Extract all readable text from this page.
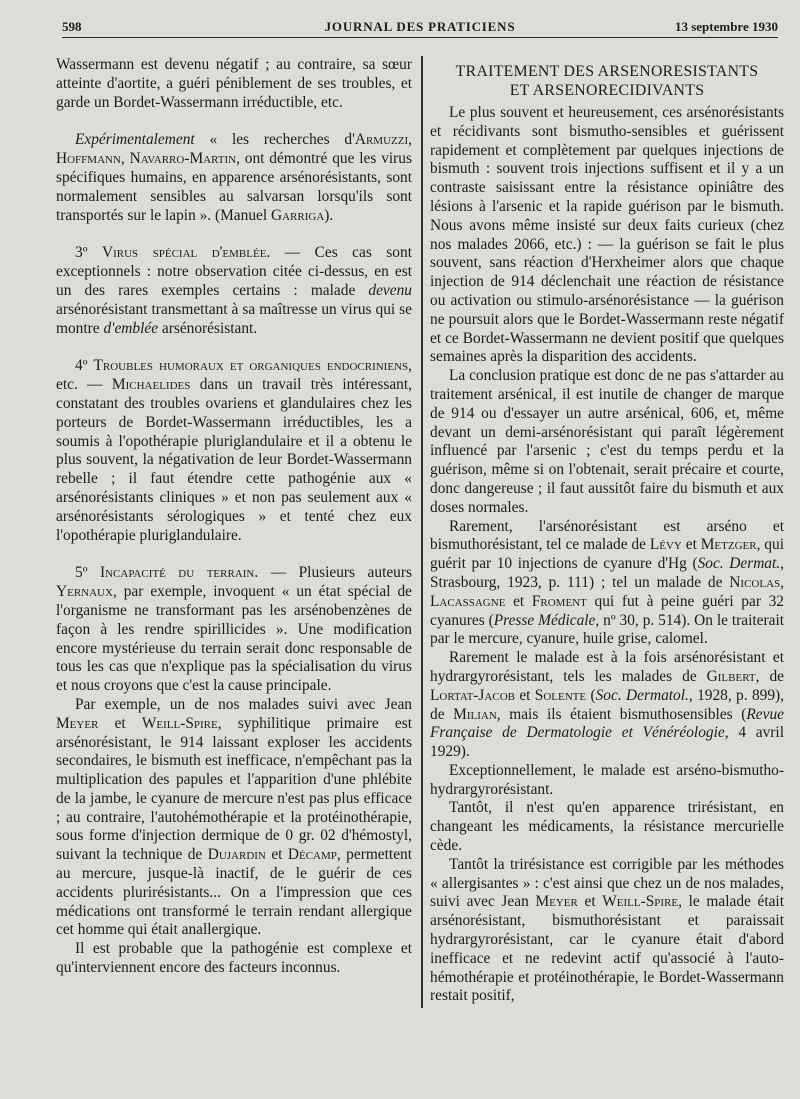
598	JOURNAL DES PRATICIENS	13 septembre 1930

Wassermann est devenu négatif ; au contraire, sa sœur atteinte d'aortite, a guéri péniblement de ses troubles, et garde un Bordet-Wassermann irréductible, etc.

Expérimentalement « les recherches d'Armuzzi, Hoffmann, Navarro-Martin, ont démontré que les virus spécifiques humains, en apparence arsénorésistants, sont normalement sensibles au salvarsan lorsqu'ils sont transportés sur le lapin ». (Manuel Garriga).

3º Virus spécial d'emblée. — Ces cas sont exceptionnels : notre observation citée ci-dessus, en est un des rares exemples certains : malade devenu arsénorésistant transmettant à sa maîtresse un virus qui se montre d'emblée arsénorésistant.

4º Troubles humoraux et organiques endocriniens, etc. — Michaelides dans un travail très intéressant, constatant des troubles ovariens et glandulaires chez les porteurs de Bordet-Wassermann irréductibles, les a soumis à l'opothérapie pluriglandulaire et il a obtenu le plus souvent, la négativation de leur Bordet-Wassermann rebelle ; il faut étendre cette pathogénie aux « arsénorésistants cliniques » et non pas seulement aux « arsénorésistants sérologiques » et tenté chez eux l'opothérapie pluriglandulaire.

5º Incapacité du terrain. — Plusieurs auteurs Yernaux, par exemple, invoquent « un état spécial de l'organisme ne transformant pas les arsénobenzènes de façon à les rendre spirillicides ». Une modification encore mystérieuse du terrain serait donc responsable de tous les cas que n'explique pas la spécialisation du virus et nous croyons que c'est la cause principale.

Par exemple, un de nos malades suivi avec Jean Meyer et Weill-Spire, syphilitique primaire est arsénorésistant, le 914 laissant exploser les accidents secondaires, le bismuth est inefficace, n'empêchant pas la multiplication des papules et l'apparition d'une phlébite de la jambe, le cyanure de mercure n'est pas plus efficace ; au contraire, l'autohémothérapie et la protéinothérapie, sous forme d'injection dermique de 0 gr. 02 d'hémostyl, suivant la technique de Dujardin et Décamp, permettent au mercure, jusque-là inactif, de le guérir de ces accidents plurirésistants... On a l'impression que ces médications ont transformé le terrain rendant allergique cet homme qui était anallergique.

Il est probable que la pathogénie est complexe et qu'interviennent encore des facteurs inconnus.

TRAITEMENT DES ARSENORESISTANTS
ET ARSENORECIDIVANTS

Le plus souvent et heureusement, ces arsénorésistants et récidivants sont bismutho-sensibles et guérissent rapidement et complètement par quelques injections de bismuth : souvent trois injections suffisent et il y a un contraste saisissant entre la résistance opiniâtre des lésions à l'arsenic et la rapide guérison par le bismuth. Nous avons même insisté sur deux faits curieux (chez nos malades 2066, etc.) : — la guérison se fait le plus souvent, sans réaction d'Herxheimer alors que chaque injection de 914 déclenchait une réaction de résistance ou activation ou stimulo-arsénorésistance — la guérison ne poursuit alors que le Bordet-Wassermann reste négatif et ce Bordet-Wassermann ne devient positif que quelques semaines après la disparition des accidents.

La conclusion pratique est donc de ne pas s'attarder au traitement arsénical, il est inutile de changer de marque de 914 ou d'essayer un autre arsénical, 606, et, même devant un demi-arsénorésistant qui paraît légèrement influencé par l'arsenic ; c'est du temps perdu et la guérison, même si on l'obtenait, serait précaire et courte, donc dangereuse ; il faut aussitôt faire du bismuth et aux doses normales.

Rarement, l'arsénorésistant est arséno et bismuthorésistant, tel ce malade de Lévy et Metzger, qui guérit par 10 injections de cyanure d'Hg (Soc. Dermat., Strasbourg, 1923, p. 111) ; tel un malade de Nicolas, Lacassagne et Froment qui fut à peine guéri par 32 cyanures (Presse Médicale, nº 30, p. 514). On le traiterait par le mercure, cyanure, huile grise, calomel.

Rarement le malade est à la fois arsénorésistant et hydrargyrorésistant, tels les malades de Gilbert, de Lortat-Jacob et Solente (Soc. Dermatol., 1928, p. 899), de Milian, mais ils étaient bismuthosensibles (Revue Française de Dermatologie et Vénéréologie, 4 avril 1929).

Exceptionnellement, le malade est arséno-bismutho-hydrargyrorésistant.

Tantôt, il n'est qu'en apparence trirésistant, en changeant les médicaments, la résistance mercurielle cède.

Tantôt la trirésistance est corrigible par les méthodes « allergisantes » : c'est ainsi que chez un de nos malades, suivi avec Jean Meyer et Weill-Spire, le malade était arsénorésistant, bismuthorésistant et paraissait hydrargyrorésistant, car le cyanure était d'abord inefficace et ne redevint actif qu'associé à l'auto-hémothérapie et protéinothérapie, le Bordet-Wassermann restait positif,
